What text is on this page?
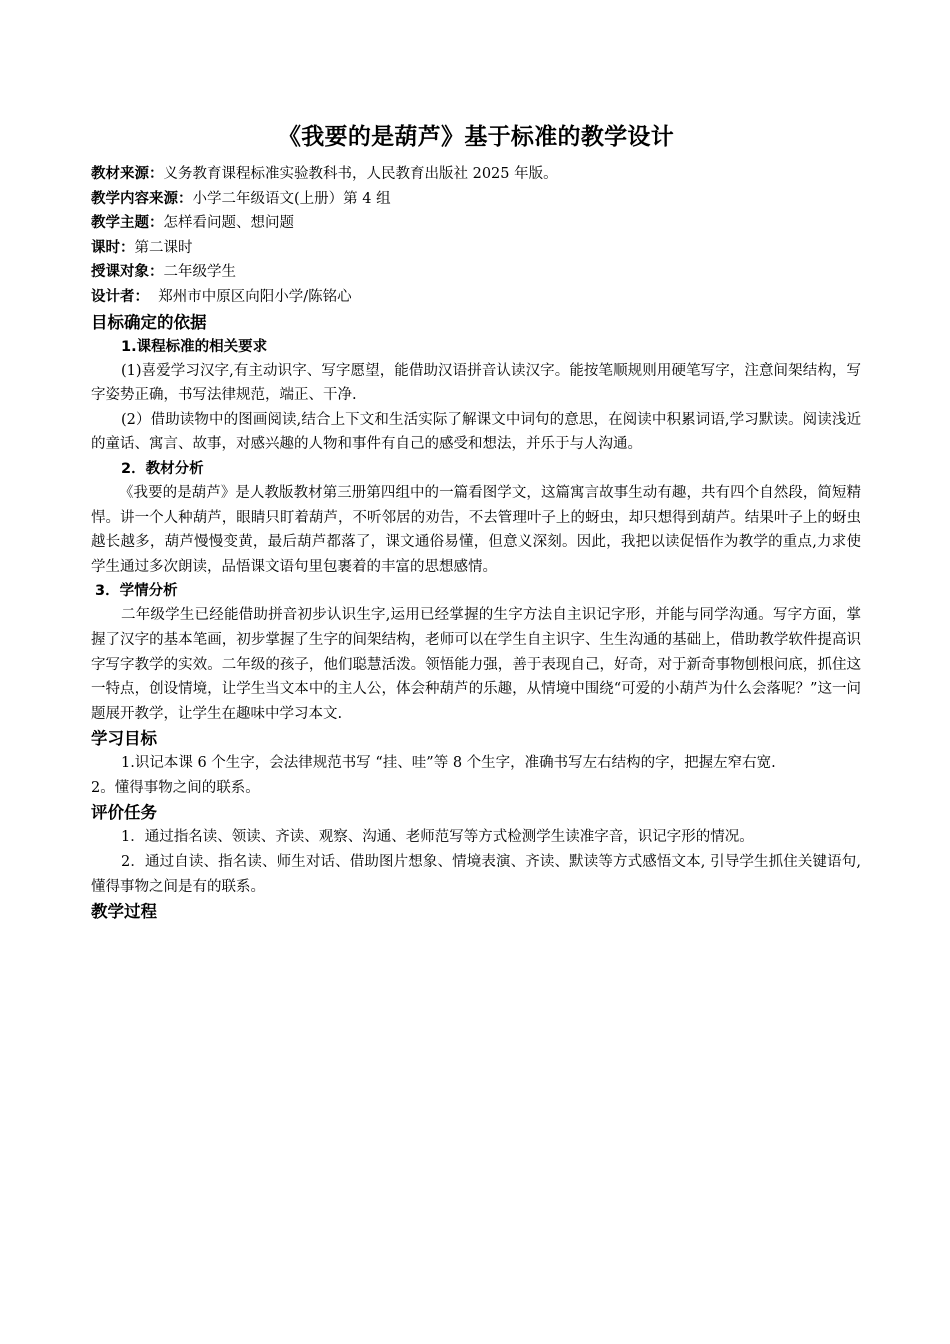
《我要的是葫芦》基于标准的教学设计
教材来源：义务教育课程标准实验教科书，人民教育出版社 2025 年版。
教学内容来源：小学二年级语文(上册）第 4 组
教学主题：怎样看问题、想问题
课时：第二课时
授课对象：二年级学生
设计者：  郑州市中原区向阳小学/陈铭心
目标确定的依据
1.课程标准的相关要求

(1)喜爱学习汉字,有主动识字、写字愿望，能借助汉语拼音认读汉字。能按笔顺规则用硬笔写字，注意间架结构，写字姿势正确，书写法律规范，端正、干净.

(2）借助读物中的图画阅读,结合上下文和生活实际了解课文中词句的意思，在阅读中积累词语,学习默读。阅读浅近的童话、寓言、故事，对感兴趣的人物和事件有自己的感受和想法，并乐于与人沟通。

2．教材分析

《我要的是葫芦》是人教版教材第三册第四组中的一篇看图学文，这篇寓言故事生动有趣，共有四个自然段，简短精悍。讲一个人种葫芦，眼睛只盯着葫芦，不听邻居的劝告，不去管理叶子上的蚜虫，却只想得到葫芦。结果叶子上的蚜虫越长越多，葫芦慢慢变黄，最后葫芦都落了，课文通俗易懂，但意义深刻。因此，我把以读促悟作为教学的重点,力求使学生通过多次朗读，品悟课文语句里包裹着的丰富的思想感情。

3．学情分析

二年级学生已经能借助拼音初步认识生字,运用已经掌握的生字方法自主识记字形，并能与同学沟通。写字方面，掌握了汉字的基本笔画，初步掌握了生字的间架结构，老师可以在学生自主识字、生生沟通的基础上，借助教学软件提高识字写字教学的实效。二年级的孩子，他们聪慧活泼。领悟能力强，善于表现自己，好奇，对于新奇事物刨根问底，抓住这一特点，创设情境，让学生当文本中的主人公，体会种葫芦的乐趣，从情境中围绕“可爱的小葫芦为什么会落呢？”这一问题展开教学，让学生在趣味中学习本文.

学习目标

1.识记本课 6 个生字，会法律规范书写 “挂、哇”等 8 个生字，准确书写左右结构的字，把握左窄右宽.

2。懂得事物之间的联系。

评价任务

1．通过指名读、领读、齐读、观察、沟通、老师范写等方式检测学生读准字音，识记字形的情况。

2．通过自读、指名读、师生对话、借助图片想象、情境表演、齐读、默读等方式感悟文本, 引导学生抓住关键语句, 懂得事物之间是有的联系。

教学过程
